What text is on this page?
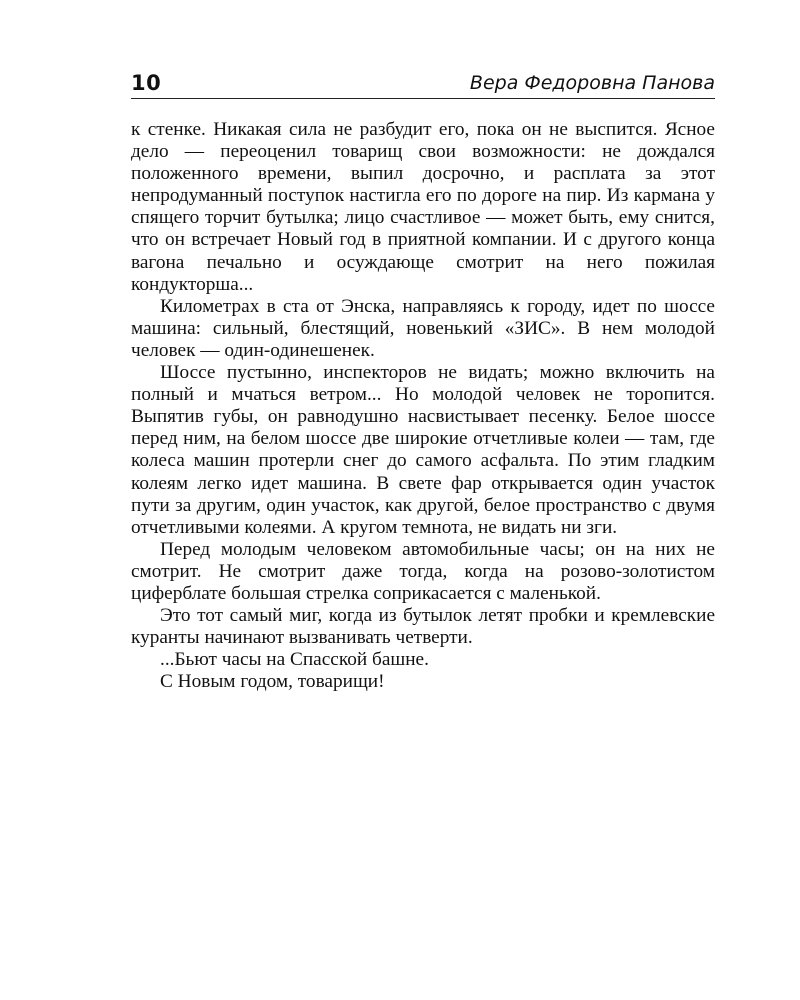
10	Вера Федоровна Панова

к стенке. Никакая сила не разбудит его, пока он не выспится. Ясное дело — переоценил товарищ свои возможности: не дождался положенного времени, выпил досрочно, и расплата за этот непродуманный поступок настигла его по дороге на пир. Из кармана у спящего торчит бутылка; лицо счастливое — может быть, ему снится, что он встречает Новый год в приятной компании. И с другого конца вагона печально и осуждающе смотрит на него пожилая кондукторша...

Километрах в ста от Энска, направляясь к городу, идет по шоссе машина: сильный, блестящий, новенький «ЗИС». В нем молодой человек — один-одинешенек.

Шоссе пустынно, инспекторов не видать; можно включить на полный и мчаться ветром... Но молодой человек не торопится. Выпятив губы, он равнодушно насвистывает песенку. Белое шоссе перед ним, на белом шоссе две широкие отчетливые колеи — там, где колеса машин протерли снег до самого асфальта. По этим гладким колеям легко идет машина. В свете фар открывается один участок пути за другим, один участок, как другой, белое пространство с двумя отчетливыми колеями. А кругом темнота, не видать ни зги.

Перед молодым человеком автомобильные часы; он на них не смотрит. Не смотрит даже тогда, когда на розово-золотистом циферблате большая стрелка соприкасается с маленькой.

Это тот самый миг, когда из бутылок летят пробки и кремлевские куранты начинают вызванивать четверти.

...Бьют часы на Спасской башне.

С Новым годом, товарищи!
